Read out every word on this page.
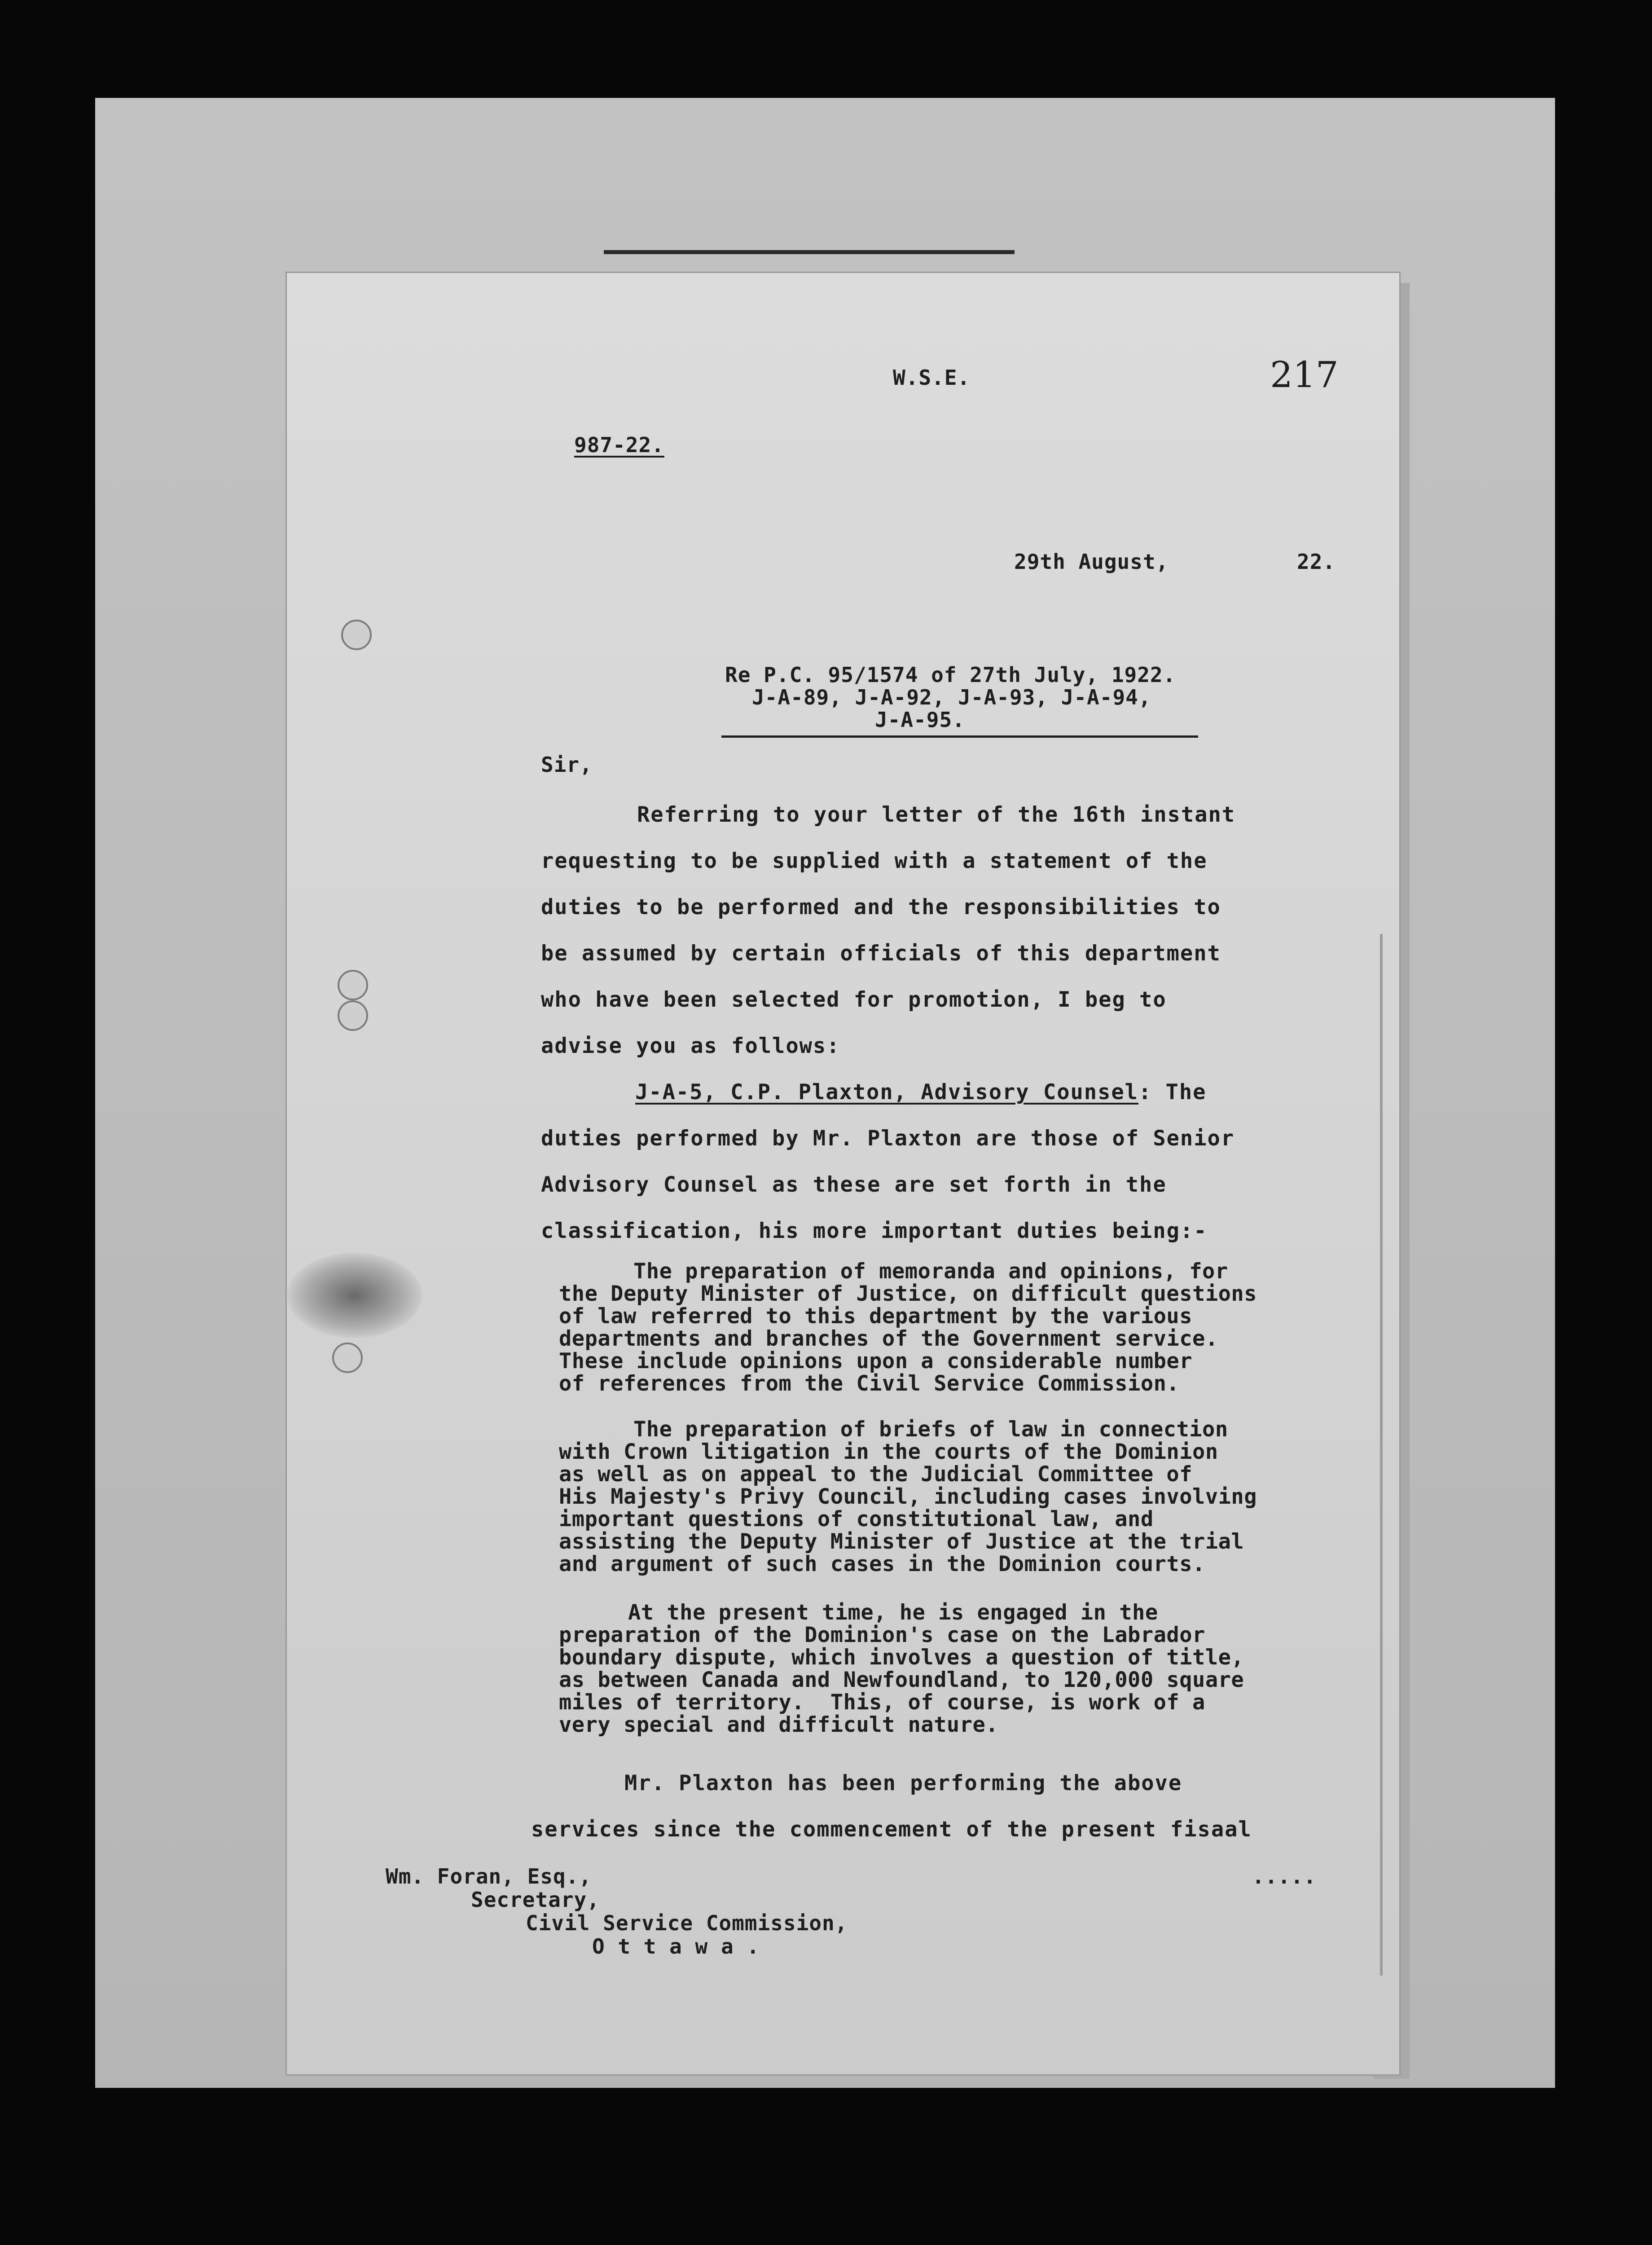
W.S.E.	217
987-22.
29th August,	22.
Re P.C. 95/1574 of 27th July, 1922.
J-A-89, J-A-92, J-A-93, J-A-94,
J-A-95.
Sir,
Referring to your letter of the 16th instant
requesting to be supplied with a statement of the
duties to be performed and the responsibilities to
be assumed by certain officials of this department
who have been selected for promotion, I beg to
advise you as follows:
J-A-5, C.P. Plaxton, Advisory Counsel: The
duties performed by Mr. Plaxton are those of Senior
Advisory Counsel as these are set forth in the
classification, his more important duties being:-
The preparation of memoranda and opinions, for
the Deputy Minister of Justice, on difficult questions
of law referred to this department by the various
departments and branches of the Government service.
These include opinions upon a considerable number
of references from the Civil Service Commission.
The preparation of briefs of law in connection
with Crown litigation in the courts of the Dominion
as well as on appeal to the Judicial Committee of
His Majesty's Privy Council, including cases involving
important questions of constitutional law, and
assisting the Deputy Minister of Justice at the trial
and argument of such cases in the Dominion courts.
At the present time, he is engaged in the
preparation of the Dominion's case on the Labrador
boundary dispute, which involves a question of title,
as between Canada and Newfoundland, to 120,000 square
miles of territory.  This, of course, is work of a
very special and difficult nature.
Mr. Plaxton has been performing the above
services since the commencement of the present fisaal
.....
Wm. Foran, Esq.,
Secretary,
Civil Service Commission,
O t t a w a .
